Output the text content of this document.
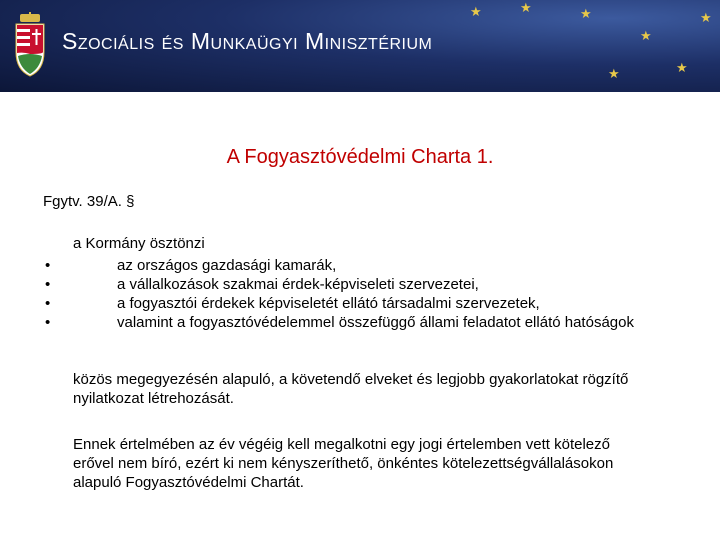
★	★	★
★
★
★
★
Szociális és Munkaügyi Minisztérium
A Fogyasztóvédelmi Charta 1.
Fgytv. 39/A. §
a Kormány ösztönzi
•	az országos gazdasági kamarák,
•	a vállalkozások szakmai érdek-képviseleti szervezetei,
•	a fogyasztói érdekek képviseletét ellátó társadalmi szervezetek,
•	valamint a fogyasztóvédelemmel összefüggő állami feladatot ellátó hatóságok
közös megegyezésén alapuló, a követendő elveket és legjobb gyakorlatokat rögzítő nyilatkozat létrehozását.
Ennek értelmében az év végéig kell megalkotni egy jogi értelemben vett kötelező erővel nem bíró, ezért ki nem kényszeríthető, önkéntes kötelezettségvállalásokon alapuló Fogyasztóvédelmi Chartát.
